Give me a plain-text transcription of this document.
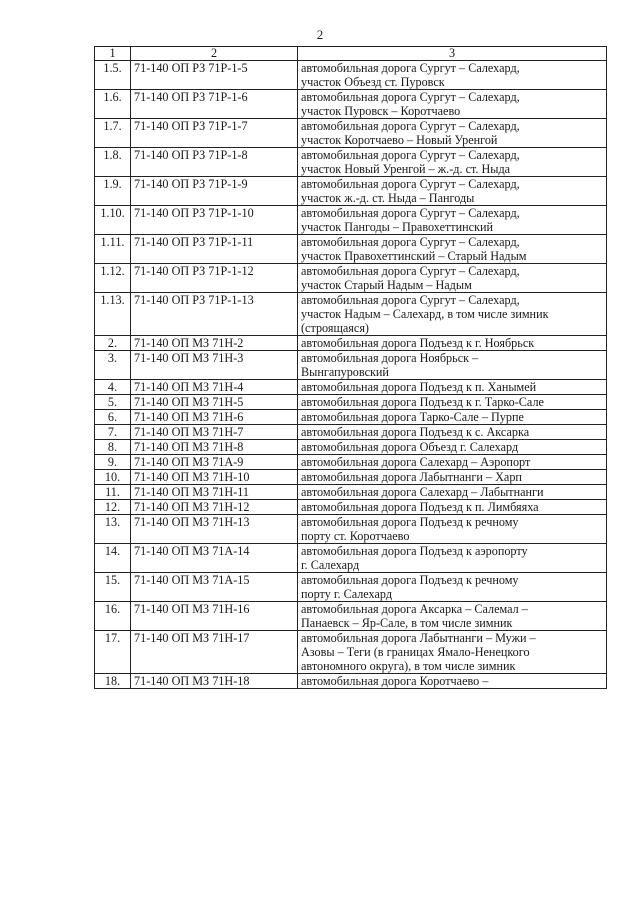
2
1	2	3
1.5.	71-140 ОП РЗ 71Р-1-5	автомобильная дорога Сургут – Салехард,
участок Объезд ст. Пуровск

1.6.	71-140 ОП РЗ 71Р-1-6	автомобильная дорога Сургут – Салехард,
участок Пуровск – Коротчаево

1.7.	71-140 ОП РЗ 71Р-1-7	автомобильная дорога Сургут – Салехард,
участок Коротчаево – Новый Уренгой

1.8.	71-140 ОП РЗ 71Р-1-8	автомобильная дорога Сургут – Салехард,
участок Новый Уренгой – ж.-д. ст. Ныда

1.9.	71-140 ОП РЗ 71Р-1-9	автомобильная дорога Сургут – Салехард,
участок ж.-д. ст. Ныда – Пангоды

1.10.	71-140 ОП РЗ 71Р-1-10	автомобильная дорога Сургут – Салехард,
участок Пангоды – Правохеттинский

1.11.	71-140 ОП РЗ 71Р-1-11	автомобильная дорога Сургут – Салехард,
участок Правохеттинский – Старый Надым

1.12.	71-140 ОП РЗ 71Р-1-12	автомобильная дорога Сургут – Салехард,
участок Старый Надым – Надым

1.13.	71-140 ОП РЗ 71Р-1-13	автомобильная дорога Сургут – Салехард,
участок Надым – Салехард, в том числе зимник
(строящаяся)

2.	71-140 ОП МЗ 71Н-2	автомобильная дорога Подъезд к г. Ноябрьск

3.	71-140 ОП МЗ 71Н-3	автомобильная дорога Ноябрьск –
Вынгапуровский

4.	71-140 ОП МЗ 71Н-4	автомобильная дорога Подъезд к п. Ханымей

5.	71-140 ОП МЗ 71Н-5	автомобильная дорога Подъезд к г. Тарко-Сале

6.	71-140 ОП МЗ 71Н-6	автомобильная дорога Тарко-Сале – Пурпе

7.	71-140 ОП МЗ 71Н-7	автомобильная дорога Подъезд к с. Аксарка

8.	71-140 ОП МЗ 71Н-8	автомобильная дорога Объезд г. Салехард

9.	71-140 ОП МЗ 71А-9	автомобильная дорога Салехард – Аэропорт

10.	71-140 ОП МЗ 71Н-10	автомобильная дорога Лабытнанги – Харп

11.	71-140 ОП МЗ 71Н-11	автомобильная дорога Салехард – Лабытнанги

12.	71-140 ОП МЗ 71Н-12	автомобильная дорога Подъезд к п. Лимбяяха

13.	71-140 ОП МЗ 71Н-13	автомобильная дорога Подъезд к речному
порту ст. Коротчаево

14.	71-140 ОП МЗ 71А-14	автомобильная дорога Подъезд к аэропорту
г. Салехард

15.	71-140 ОП МЗ 71А-15	автомобильная дорога Подъезд к речному
порту г. Салехард

16.	71-140 ОП МЗ 71Н-16	автомобильная дорога Аксарка – Салемал –
Панаевск – Яр-Сале, в том числе зимник

17.	71-140 ОП МЗ 71Н-17	автомобильная дорога Лабытнанги – Мужи –
Азовы – Теги (в границах Ямало-Ненецкого
автономного округа), в том числе зимник

18.	71-140 ОП МЗ 71Н-18	автомобильная дорога Коротчаево –
